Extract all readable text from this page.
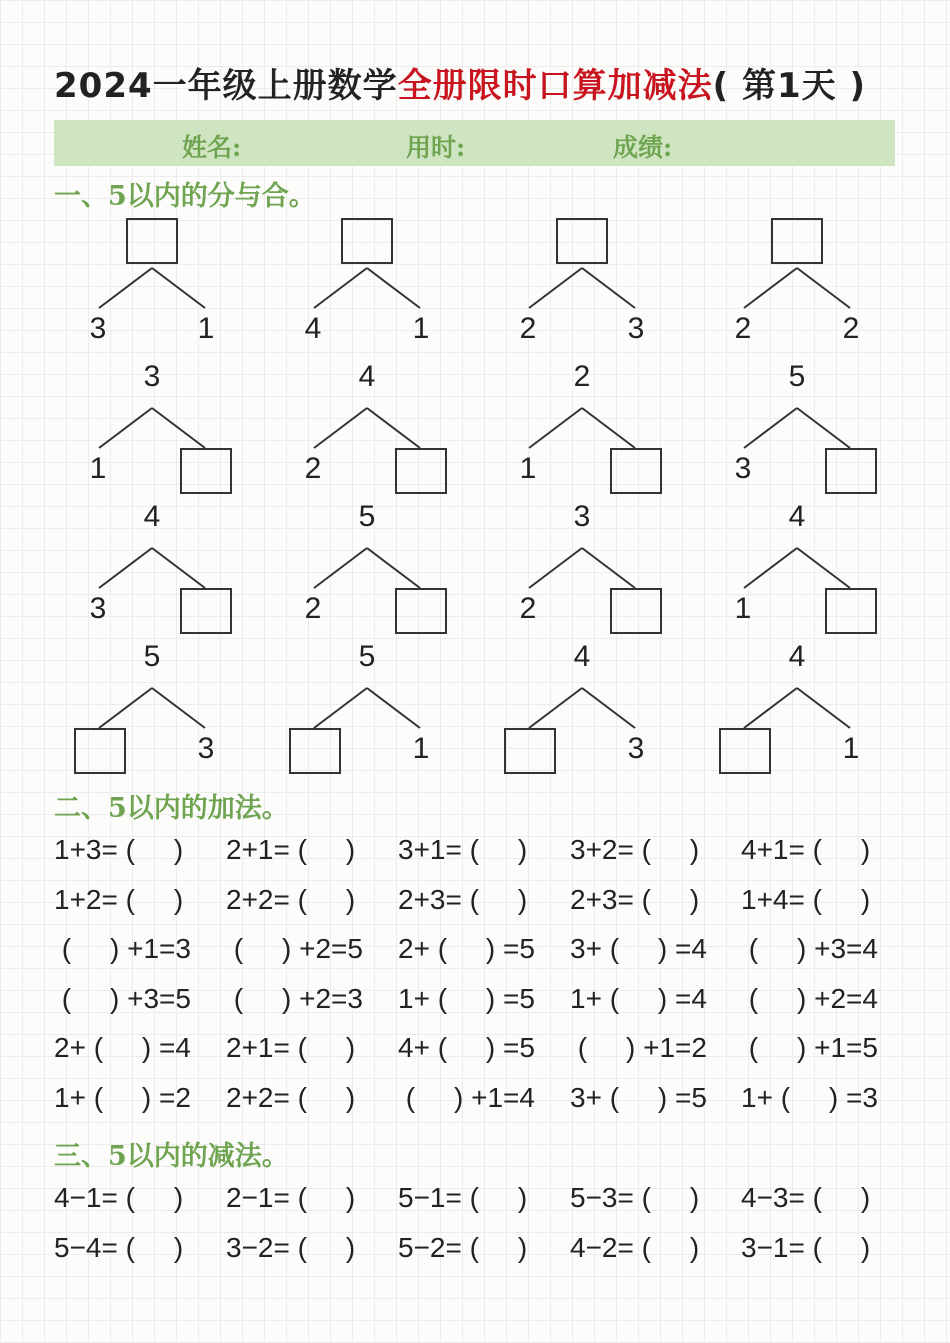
2024一年级上册数学全册限时口算加减法( 第1天 )
姓名:	用时:	成绩:
一、5以内的分与合。
二、5以内的加法。
三、5以内的减法。
3	1	4	1	2	3	2	2
3
1
4
2
2
1
5
3
4
3
5
2
3
2
4
1
5
3
5
1
4
3
4
1
1+3= (     ) 2+1= (     ) 3+1= (     ) 3+2= (     ) 4+1= (     )
1+2= (     ) 2+2= (     ) 2+3= (     ) 2+3= (     ) 1+4= (     )
(     ) +1=3 (     ) +2=5 2+ (     ) =5 3+ (     ) =4 (     ) +3=4
(     ) +3=5 (     ) +2=3 1+ (     ) =5 1+ (     ) =4 (     ) +2=4
2+ (     ) =4 2+1= (     ) 4+ (     ) =5 (     ) +1=2 (     ) +1=5
1+ (     ) =2 2+2= (     ) (     ) +1=4 3+ (     ) =5 1+ (     ) =3
4−1= (     ) 2−1= (     ) 5−1= (     ) 5−3= (     ) 4−3= (     )
5−4= (     ) 3−2= (     ) 5−2= (     ) 4−2= (     ) 3−1= (     )
